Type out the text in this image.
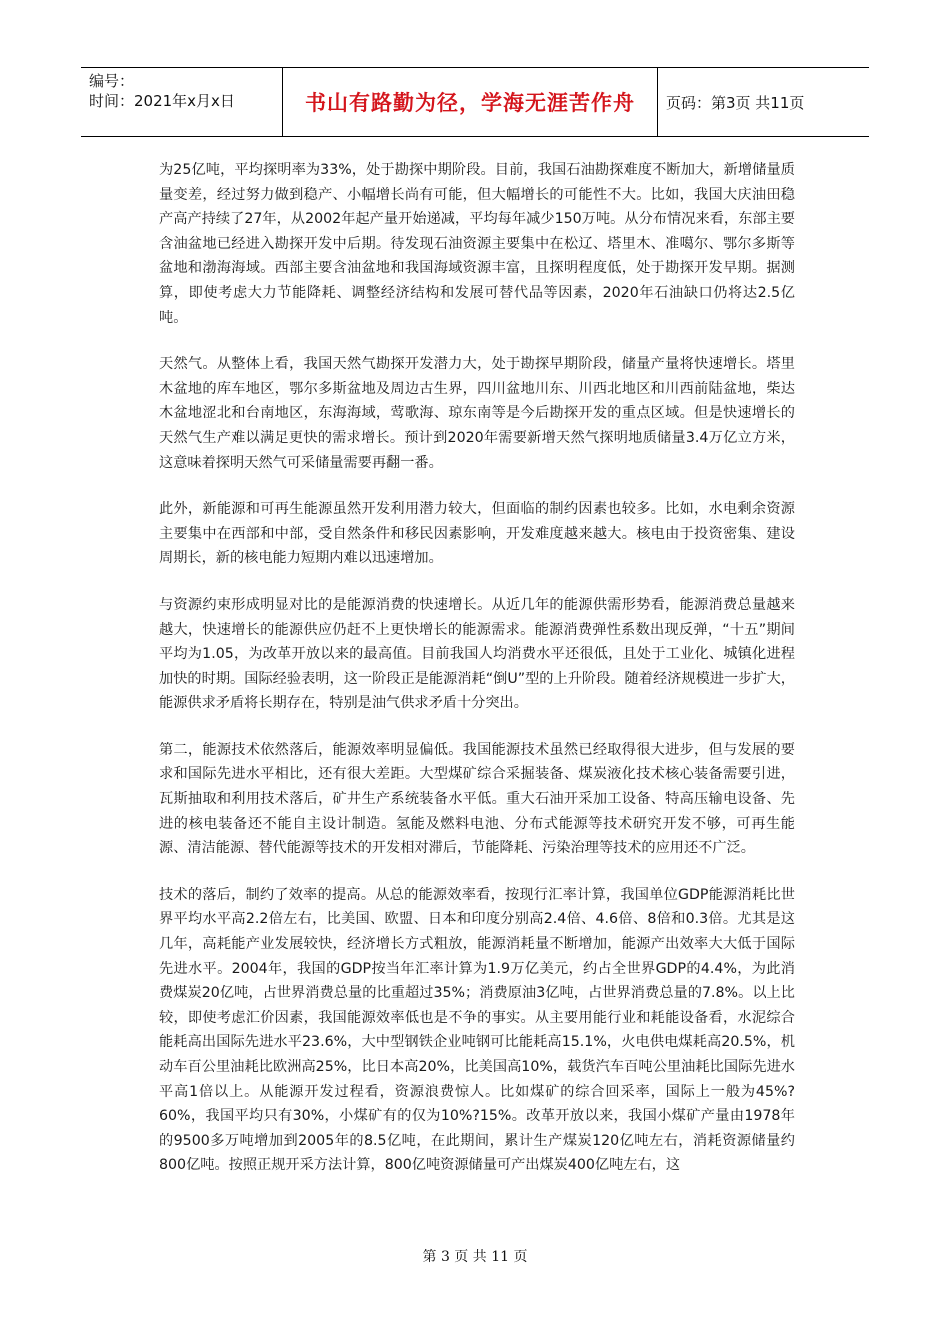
编号：
时间：2021年x月x日	书山有路勤为径，学海无涯苦作舟 页码：第3页 共11页

为25亿吨，平均探明率为33%，处于勘探中期阶段。目前，我国石油勘探难度不断加大，新增储量质量变差，经过努力做到稳产、小幅增长尚有可能，但大幅增长的可能性不大。比如，我国大庆油田稳产高产持续了27年，从2002年起产量开始递减，平均每年减少150万吨。从分布情况来看，东部主要含油盆地已经进入勘探开发中后期。待发现石油资源主要集中在松辽、塔里木、准噶尔、鄂尔多斯等盆地和渤海海域。西部主要含油盆地和我国海域资源丰富，且探明程度低，处于勘探开发早期。据测算，即使考虑大力节能降耗、调整经济结构和发展可替代品等因素，2020年石油缺口仍将达2.5亿吨。

天然气。从整体上看，我国天然气勘探开发潜力大，处于勘探早期阶段，储量产量将快速增长。塔里木盆地的库车地区，鄂尔多斯盆地及周边古生界，四川盆地川东、川西北地区和川西前陆盆地，柴达木盆地涩北和台南地区，东海海域，莺歌海、琼东南等是今后勘探开发的重点区域。但是快速增长的天然气生产难以满足更快的需求增长。预计到2020年需要新增天然气探明地质储量3.4万亿立方米，这意味着探明天然气可采储量需要再翻一番。

此外，新能源和可再生能源虽然开发利用潜力较大，但面临的制约因素也较多。比如，水电剩余资源主要集中在西部和中部，受自然条件和移民因素影响，开发难度越来越大。核电由于投资密集、建设周期长，新的核电能力短期内难以迅速增加。

与资源约束形成明显对比的是能源消费的快速增长。从近几年的能源供需形势看，能源消费总量越来越大，快速增长的能源供应仍赶不上更快增长的能源需求。能源消费弹性系数出现反弹，“十五”期间平均为1.05，为改革开放以来的最高值。目前我国人均消费水平还很低，且处于工业化、城镇化进程加快的时期。国际经验表明，这一阶段正是能源消耗“倒U”型的上升阶段。随着经济规模进一步扩大，能源供求矛盾将长期存在，特别是油气供求矛盾十分突出。

第二，能源技术依然落后，能源效率明显偏低。我国能源技术虽然已经取得很大进步，但与发展的要求和国际先进水平相比，还有很大差距。大型煤矿综合采掘装备、煤炭液化技术核心装备需要引进，瓦斯抽取和利用技术落后，矿井生产系统装备水平低。重大石油开采加工设备、特高压输电设备、先进的核电装备还不能自主设计制造。氢能及燃料电池、分布式能源等技术研究开发不够，可再生能源、清洁能源、替代能源等技术的开发相对滞后，节能降耗、污染治理等技术的应用还不广泛。

技术的落后，制约了效率的提高。从总的能源效率看，按现行汇率计算，我国单位GDP能源消耗比世界平均水平高2.2倍左右，比美国、欧盟、日本和印度分别高2.4倍、4.6倍、8倍和0.3倍。尤其是这几年，高耗能产业发展较快，经济增长方式粗放，能源消耗量不断增加，能源产出效率大大低于国际先进水平。2004年，我国的GDP按当年汇率计算为1.9万亿美元，约占全世界GDP的4.4%，为此消费煤炭20亿吨，占世界消费总量的比重超过35%；消费原油3亿吨，占世界消费总量的7.8%。以上比较，即使考虑汇价因素，我国能源效率低也是不争的事实。从主要用能行业和耗能设备看，水泥综合能耗高出国际先进水平23.6%，大中型钢铁企业吨钢可比能耗高15.1%，火电供电煤耗高20.5%，机动车百公里油耗比欧洲高25%，比日本高20%，比美国高10%，载货汽车百吨公里油耗比国际先进水平高1倍以上。从能源开发过程看，资源浪费惊人。比如煤矿的综合回采率，国际上一般为45%?60%，我国平均只有30%，小煤矿有的仅为10%?15%。改革开放以来，我国小煤矿产量由1978年的9500多万吨增加到2005年的8.5亿吨，在此期间，累计生产煤炭120亿吨左右，消耗资源储量约800亿吨。按照正规开采方法计算，800亿吨资源储量可产出煤炭400亿吨左右，这

第 3 页 共 11 页
